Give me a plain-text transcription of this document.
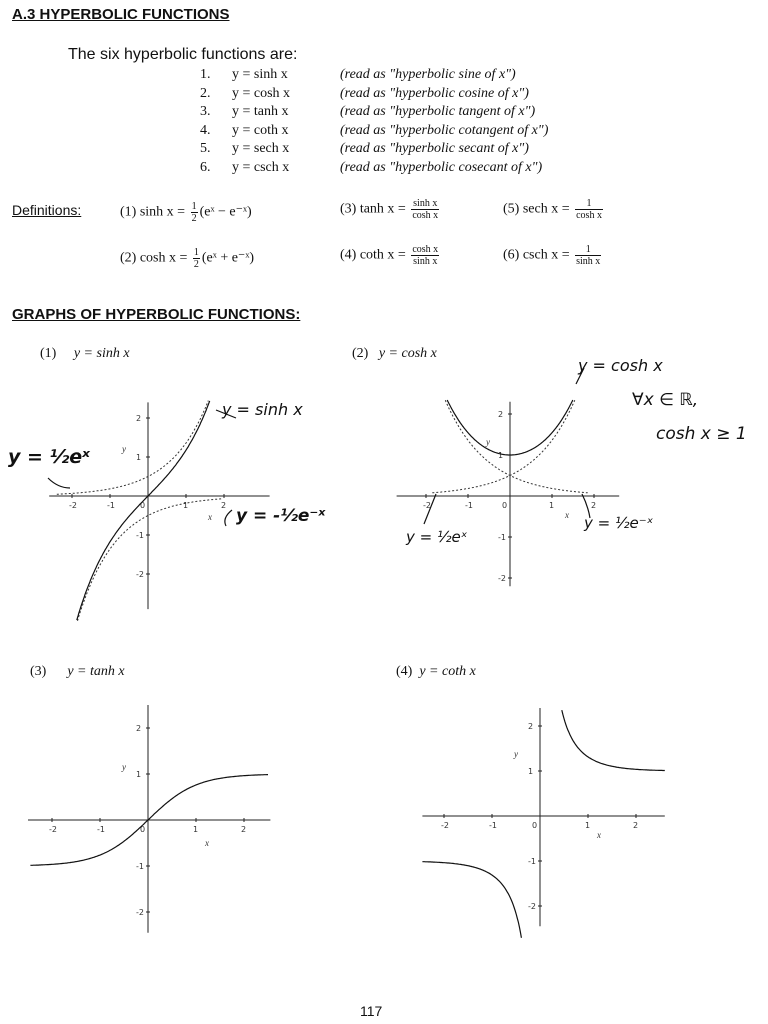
A.3 HYPERBOLIC FUNCTIONS
The six hyperbolic functions are:
1.	y = sinh x	(read as "hyperbolic sine of x")
2.	y = cosh x	(read as "hyperbolic cosine of x")
3.	y = tanh x	(read as "hyperbolic tangent of x")
4.	y = coth x	(read as "hyperbolic cotangent of x")
5.	y = sech x	(read as "hyperbolic secant of x")
6.	y = csch x	(read as "hyperbolic cosecant of x")
Definitions:	(1) $\sinh x = \frac{1}{2}$ (eˣ − e⁻ˣ)
(2) $\cosh x = \frac{1}{2}$ (eˣ + e⁻ˣ)
(3) $\tanh x = \frac{\text{sinh x}}{\text{cosh x}}$
(4) coth $x = \frac{\text{cosh x}}{\text{sinh x}}$
(5) sech $x = \frac{1}{\text{cosh x}}$
(6) csch $x = \frac{1}{\text{sinh x}}$
GRAPHS OF HYPERBOLIC FUNCTIONS:
(1) y = sinh x	(2) y = cosh x
(3) y = tanh x	(4) y = coth x
-2	-1	0	1	2
2
1
-1
-2
x
y
-2	-1	0	1	2
2
1
-1
-2
x
y
-2	-1	0	1	2
2
1
-1
-2
x
y
-2	-1	0	1	2
2
1
-1
-2
x
y
y = sinh x
y = ½eˣ
y = -½e⁻ˣ
y = cosh x
∀x ∈ ℝ,
cosh x ≥ 1
y = ½eˣ
y = ½e⁻ˣ
117
